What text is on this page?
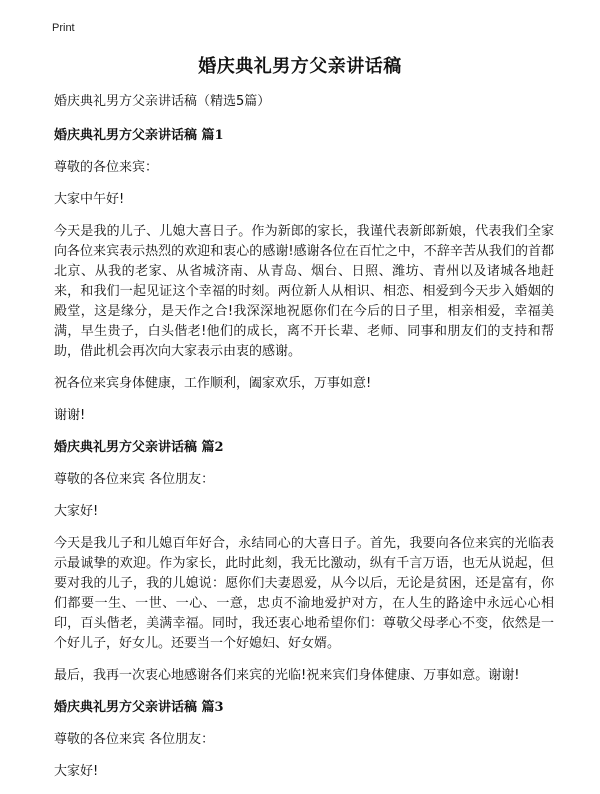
Print
婚庆典礼男方父亲讲话稿

婚庆典礼男方父亲讲话稿（精选5篇）

婚庆典礼男方父亲讲话稿 篇1

尊敬的各位来宾：

大家中午好!

今天是我的儿子、儿媳大喜日子。作为新郎的家长，我谨代表新郎新娘，代表我们全家向各位来宾表示热烈的欢迎和衷心的感谢!感谢各位在百忙之中，不辞辛苦从我们的首都北京、从我的老家、从省城济南、从青岛、烟台、日照、潍坊、青州以及诸城各地赶来，和我们一起见证这个幸福的时刻。两位新人从相识、相恋、相爱到今天步入婚姻的殿堂，这是缘分，是天作之合!我深深地祝愿你们在今后的日子里，相亲相爱，幸福美满，早生贵子，白头偕老!他们的成长，离不开长辈、老师、同事和朋友们的支持和帮助，借此机会再次向大家表示由衷的感谢。

祝各位来宾身体健康，工作顺利，阖家欢乐，万事如意!

谢谢!

婚庆典礼男方父亲讲话稿 篇2

尊敬的各位来宾 各位朋友：

大家好!

今天是我儿子和儿媳百年好合，永结同心的大喜日子。首先，我要向各位来宾的光临表示最诚挚的欢迎。作为家长，此时此刻，我无比激动，纵有千言万语，也无从说起，但要对我的儿子，我的儿媳说：愿你们夫妻恩爱，从今以后，无论是贫困，还是富有，你们都要一生、一世、一心、一意，忠贞不渝地爱护对方，在人生的路途中永远心心相印，百头偕老，美满幸福。同时，我还衷心地希望你们：尊敬父母孝心不变，依然是一个好儿子，好女儿。还要当一个好媳妇、好女婿。

最后，我再一次衷心地感谢各们来宾的光临!祝来宾们身体健康、万事如意。谢谢!

婚庆典礼男方父亲讲话稿 篇3

尊敬的各位来宾 各位朋友：

大家好!
